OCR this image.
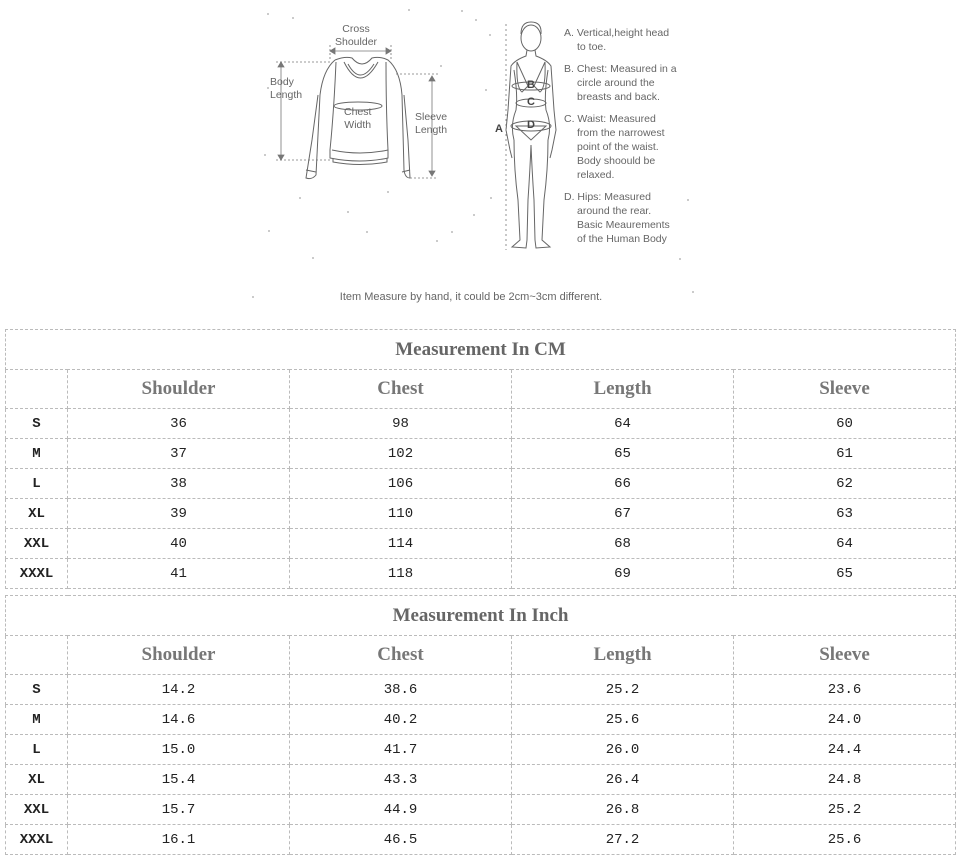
Cross
Shoulder
Body
Length
Chest
Width
Sleeve
Length
B
C
D
A
A. Vertical,height head
to toe.
B. Chest: Measured in a
circle around the
breasts and back.
C. Waist: Measured
from the narrowest
point of the waist.
Body shoould be
relaxed.
D. Hips: Measured
around the rear.
Basic Meaurements
of the Human Body
Item Measure by hand, it could be 2cm~3cm different.
Measurement In CM				
	Shoulder	Chest	Length	Sleeve
S	36	98	64	60
M	37	102	65	61
L	38	106	66	62
XL	39	110	67	63
XXL	40	114	68	64
XXXL	41	118	69	65
Measurement In Inch				
	Shoulder	Chest	Length	Sleeve
S	14.2	38.6	25.2	23.6
M	14.6	40.2	25.6	24.0
L	15.0	41.7	26.0	24.4
XL	15.4	43.3	26.4	24.8
XXL	15.7	44.9	26.8	25.2
XXXL	16.1	46.5	27.2	25.6
